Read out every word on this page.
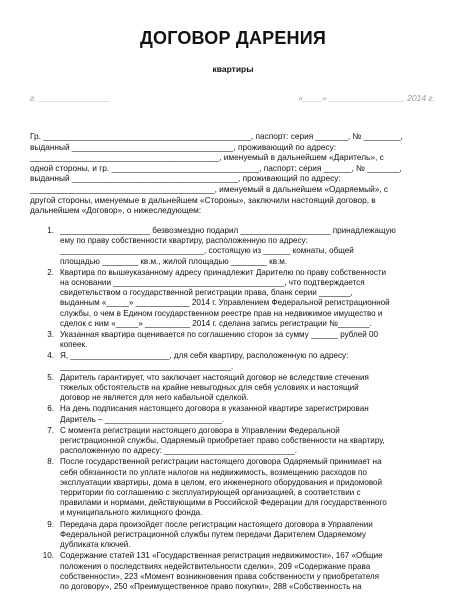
ДОГОВОР ДАРЕНИЯ
квартиры
г. _______________	«____» ________________ 2014 г.
Гр. _____________________________________________, паспорт: серия _______, № ________,
выданный ___________________________________, проживающий по адресу:
_________________________________________, именуемый в дальнейшем «Даритель», с
одной стороны, и гр. ________________________________, паспорт: серия ______, № _______,
выданный ____________________________________, проживающий по адресу:
________________________________________, именуемый в дальнейшем «Одаряемый», с
другой стороны, именуемые в дальнейшем «Стороны», заключили настоящий договор, в
дальнейшем «Договор», о нижеследующем:
1. ____________________ безвозмездно подарил ____________________ принадлежащую

ему по праву собственности квартиру, расположенную по адресу:

________________________________, состоящую из ______ комнаты, общей

площадью ________ кв.м., жилой площадью ________ кв.м.

2. Квартира по вышеуказанному адресу принадлежит Дарителю по праву собственности

на основании ______________________________________, что подтверждается

свидетельством о государственной регистрации права, бланк серии _______,

выданным «_____» ____________ 2014 г. Управлением Федеральной регистрационной

службы, о чем в Едином государственном реестре прав на недвижимое имущество и

сделок с ним «_____» __________ 2014 г. сделана запись регистрации №_______.

3. Указанная квартира оценивается по соглашению сторон за сумму ______ рублей 00

копеек.

4. Я, ______________________, для себя квартиру, расположенную по адресу:

______________________________________.

5. Даритель гарантирует, что заключает настоящий договор не вследствие стечения

тяжелых обстоятельств на крайне невыгодных для себя условиях и настоящий

договор не является для него кабальной сделкой.

6. На день подписания настоящего договора в указанной квартире зарегистрирован

Даритель – __________________________.

7. С момента регистрации настоящего договора в Управлении Федеральной

регистрационной службы, Одаряемый приобретает право собственности на квартиру,

расположенную по адресу: _____________________________.

8. После государственной регистрации настоящего договора Одаряемый принимает на

себя обязанности по уплате налогов на недвижимость, возмещению расходов по

эксплуатации квартиры, дома в целом, его инженерного оборудования и придомовой

территории по соглашению с эксплуатирующей организацией, в соответствии с

правилами и нормами, действующими в Российской Федерации для государственного

и муниципального жилищного фонда.

9. Передача дара произойдет после регистрации настоящего договора в Управлении

Федеральной регистрационной службы путем передачи Дарителем Одаряемому

дубликата ключей.

10. Содержание статей 131 «Государственная регистрация недвижимости», 167 «Общие

положения о последствиях недействительности сделки», 209 «Содержание права

собственности», 223 «Момент возникновения права собственности у приобретателя

по договору», 250 «Преимущественное право покупки», 288 «Собственность на
